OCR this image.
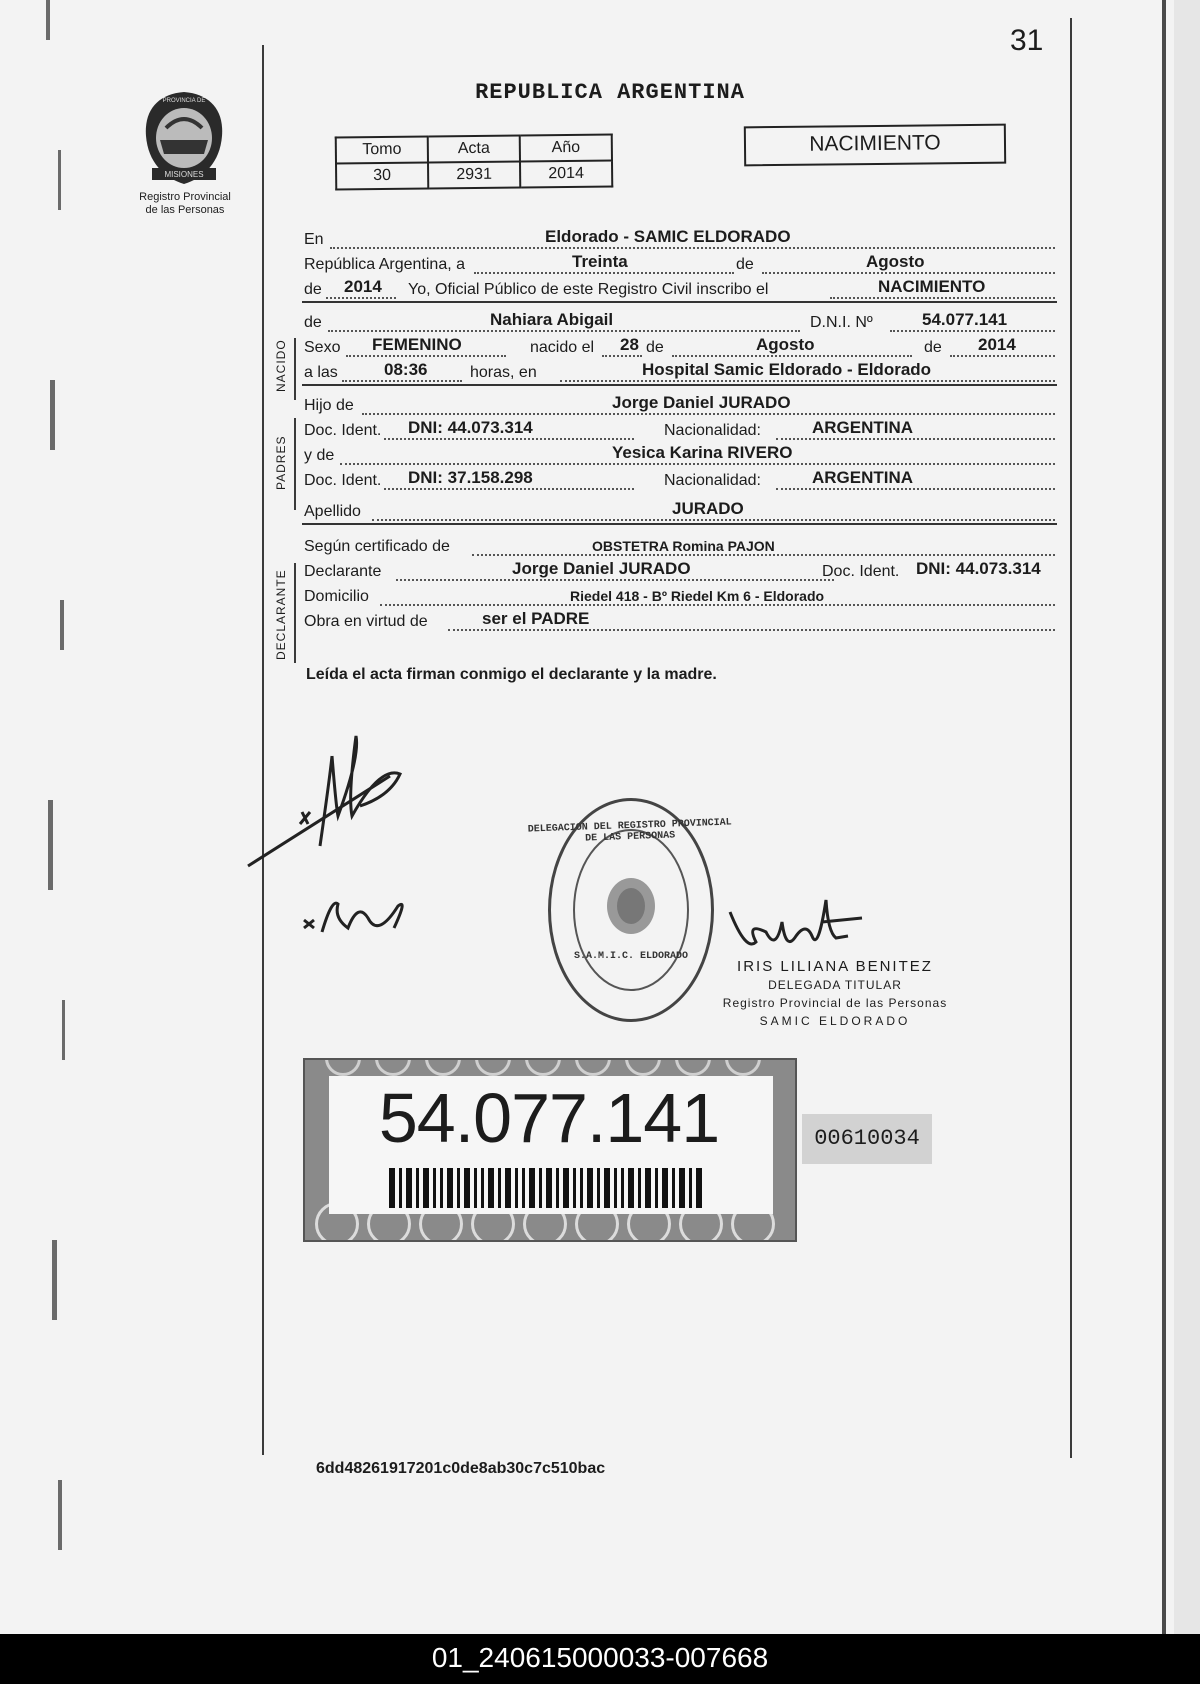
31
MISIONES
PROVINCIA DE
Registro Provincial
de las Personas
REPUBLICA ARGENTINA
Tomo	Acta	Año
30	2931	2014
NACIMIENTO
NACIDO
PADRES
DECLARANTE
En	Eldorado - SAMIC ELDORADO
República Argentina, a	Treinta	de	Agosto
de 2014 Yo, Oficial Público de este Registro Civil inscribo el	NACIMIENTO
de	Nahiara Abigail	D.N.I. Nº	54.077.141
Sexo FEMENINO	nacido el 28 de	Agosto	de 2014
a las	08:36	horas, en	Hospital Samic Eldorado - Eldorado
Hijo de	Jorge Daniel JURADO
Doc. Ident. DNI: 44.073.314	Nacionalidad:	ARGENTINA
y de	Yesica Karina RIVERO
Doc. Ident. DNI: 37.158.298	Nacionalidad:	ARGENTINA
Apellido	JURADO
Según certificado de	OBSTETRA Romina PAJON
Declarante	Jorge Daniel JURADO	Doc. Ident. DNI: 44.073.314
Domicilio	Riedel 418 - Bº Riedel Km 6 - Eldorado
Obra en virtud de	ser el PADRE
Leída el acta firman conmigo el declarante y la madre.
DELEGACION DEL REGISTRO PROVINCIAL DE LAS PERSONAS
S.A.M.I.C. ELDORADO
IRIS LILIANA BENITEZ
DELEGADA TITULAR
Registro Provincial de las Personas
SAMIC ELDORADO
54.077.141	00610034
6dd48261917201c0de8ab30c7c510bac
01_240615000033-007668
